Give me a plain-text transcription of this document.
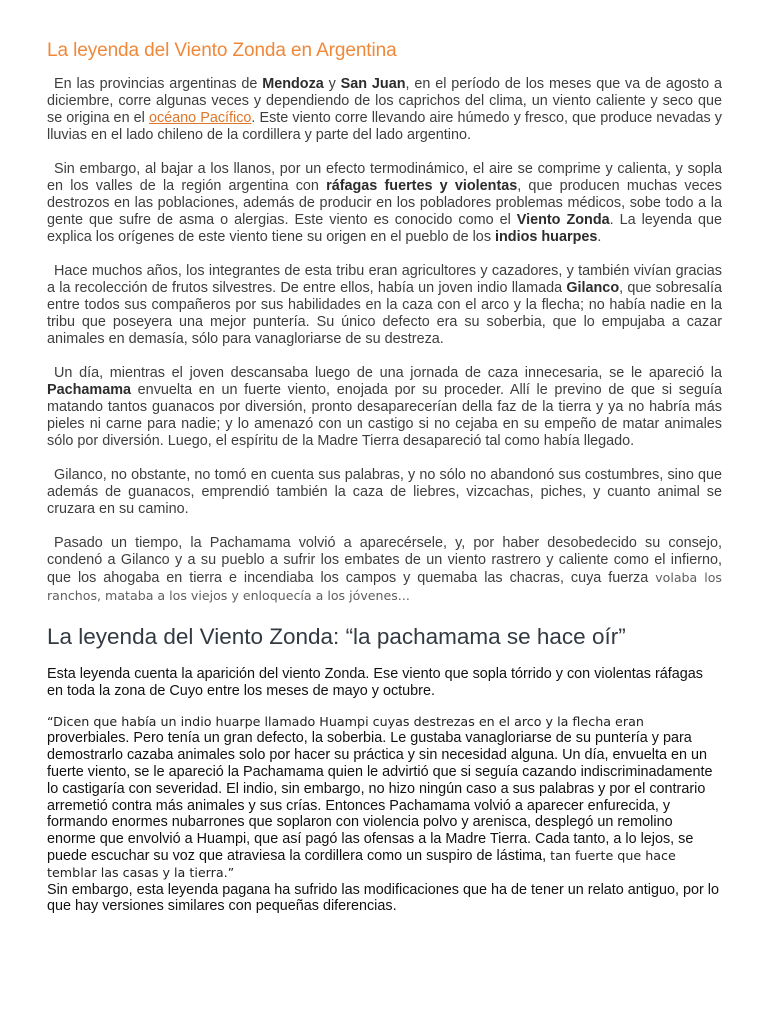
La leyenda del Viento Zonda en Argentina

En las provincias argentinas de Mendoza y San Juan, en el período de los meses que va de agosto a diciembre, corre algunas veces y dependiendo de los caprichos del clima, un viento caliente y seco que se origina en el océano Pacífico. Este viento corre llevando aire húmedo y fresco, que produce nevadas y lluvias en el lado chileno de la cordillera y parte del lado argentino.

Sin embargo, al bajar a los llanos, por un efecto termodinámico, el aire se comprime y calienta, y sopla en los valles de la región argentina con ráfagas fuertes y violentas, que producen muchas veces destrozos en las poblaciones, además de producir en los pobladores problemas médicos, sobe todo a la gente que sufre de asma o alergias. Este viento es conocido como el Viento Zonda. La leyenda que explica los orígenes de este viento tiene su origen en el pueblo de los indios huarpes.

Hace muchos años, los integrantes de esta tribu eran agricultores y cazadores, y también vivían gracias a la recolección de frutos silvestres. De entre ellos, había un joven indio llamada Gilanco, que sobresalía entre todos sus compañeros por sus habilidades en la caza con el arco y la flecha; no había nadie en la tribu que poseyera una mejor puntería. Su único defecto era su soberbia, que lo empujaba a cazar animales en demasía, sólo para vanagloriarse de su destreza.

Un día, mientras el joven descansaba luego de una jornada de caza innecesaria, se le apareció la Pachamama envuelta en un fuerte viento, enojada por su proceder. Allí le previno de que si seguía matando tantos guanacos por diversión, pronto desaparecerían della faz de la tierra y ya no habría más pieles ni carne para nadie; y lo amenazó con un castigo si no cejaba en su empeño de matar animales sólo por diversión. Luego, el espíritu de la Madre Tierra desapareció tal como había llegado.

Gilanco, no obstante, no tomó en cuenta sus palabras, y no sólo no abandonó sus costumbres, sino que además de guanacos, emprendió también la caza de liebres, vizcachas, piches, y cuanto animal se cruzara en su camino.

Pasado un tiempo, la Pachamama volvió a aparecérsele, y, por haber desobedecido su consejo, condenó a Gilanco y a su pueblo a sufrir los embates de un viento rastrero y caliente como el infierno, que los ahogaba en tierra e incendiaba los campos y quemaba las chacras, cuya fuerza volaba los ranchos, mataba a los viejos y enloquecía a los jóvenes...

La leyenda del Viento Zonda: “la pachamama se hace oír”

Esta leyenda cuenta la aparición del viento Zonda. Ese viento que sopla tórrido y con violentas ráfagas en toda la zona de Cuyo entre los meses de mayo y octubre.

“Dicen que había un indio huarpe llamado Huampi cuyas destrezas en el arco y la flecha eran proverbiales. Pero tenía un gran defecto, la soberbia. Le gustaba vanagloriarse de su puntería y para demostrarlo cazaba animales solo por hacer su práctica y sin necesidad alguna. Un día, envuelta en un fuerte viento, se le apareció la Pachamama quien le advirtió que si seguía cazando indiscriminadamente lo castigaría con severidad. El indio, sin embargo, no hizo ningún caso a sus palabras y por el contrario arremetió contra más animales y sus crías. Entonces Pachamama volvió a aparecer enfurecida, y formando enormes nubarrones que soplaron con violencia polvo y arenisca, desplegó un remolino enorme que envolvió a Huampi, que así pagó las ofensas a la Madre Tierra. Cada tanto, a lo lejos, se puede escuchar su voz que atraviesa la cordillera como un suspiro de lástima, tan fuerte que hace temblar las casas y la tierra.”

Sin embargo, esta leyenda pagana ha sufrido las modificaciones que ha de tener un relato antiguo, por lo que hay versiones similares con pequeñas diferencias.
